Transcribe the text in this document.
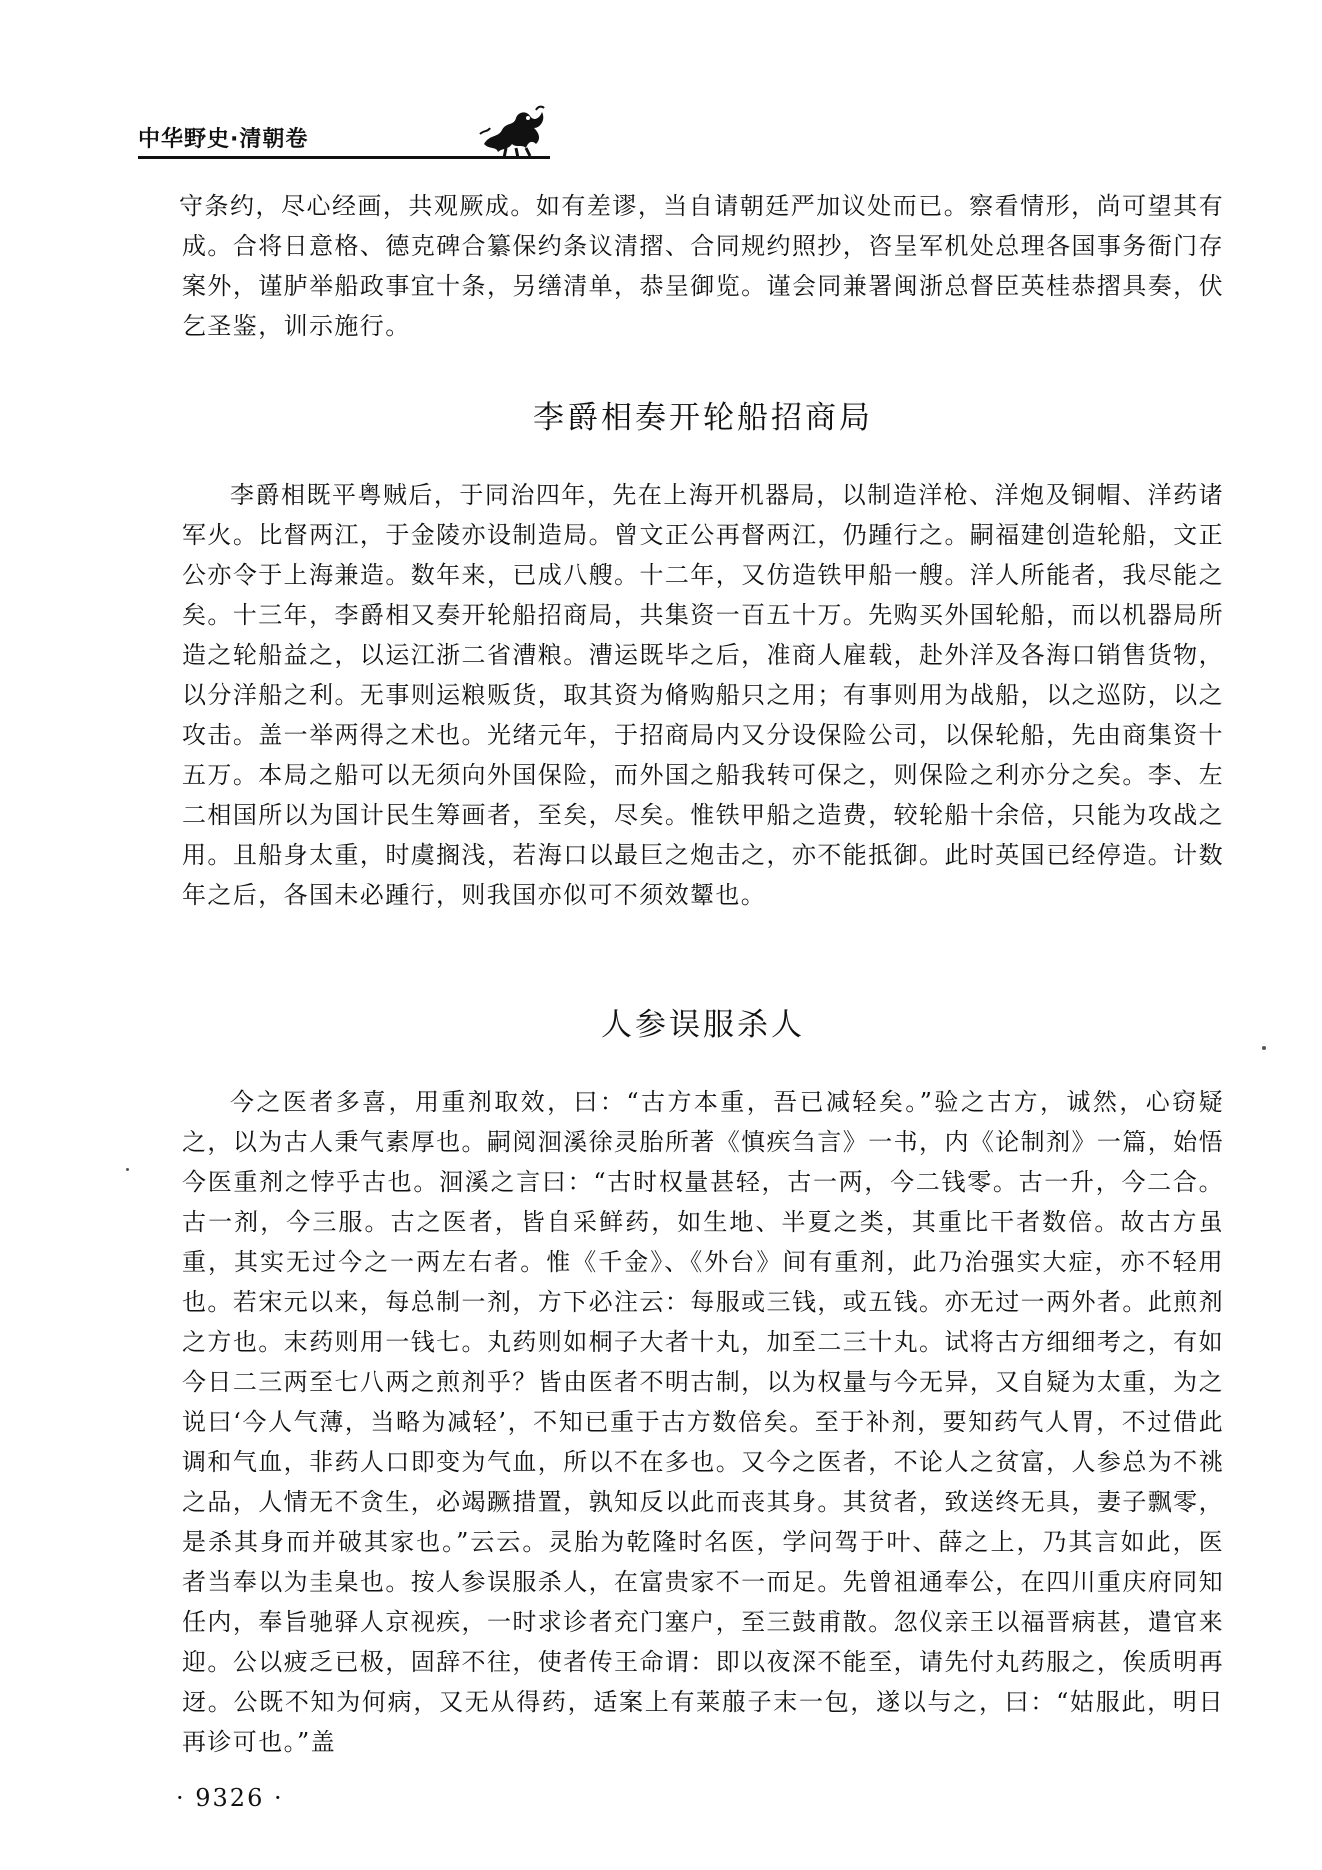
中华野史·清朝卷

守条约，尽心经画，共观厥成。如有差谬，当自请朝廷严加议处而已。察看情形，尚可望其有成。合将日意格、德克碑合纂保约条议清摺、合同规约照抄，咨呈军机处总理各国事务衙门存案外，谨胪举船政事宜十条，另缮清单，恭呈御览。谨会同兼署闽浙总督臣英桂恭摺具奏，伏乞圣鉴，训示施行。

李爵相奏开轮船招商局

李爵相既平粤贼后，于同治四年，先在上海开机器局，以制造洋枪、洋炮及铜帽、洋药诸军火。比督两江，于金陵亦设制造局。曾文正公再督两江，仍踵行之。嗣福建创造轮船，文正公亦令于上海兼造。数年来，已成八艘。十二年，又仿造铁甲船一艘。洋人所能者，我尽能之矣。十三年，李爵相又奏开轮船招商局，共集资一百五十万。先购买外国轮船，而以机器局所造之轮船益之，以运江浙二省漕粮。漕运既毕之后，准商人雇载，赴外洋及各海口销售货物，以分洋船之利。无事则运粮贩货，取其资为脩购船只之用；有事则用为战船，以之巡防，以之攻击。盖一举两得之术也。光绪元年，于招商局内又分设保险公司，以保轮船，先由商集资十五万。本局之船可以无须向外国保险，而外国之船我转可保之，则保险之利亦分之矣。李、左二相国所以为国计民生筹画者，至矣，尽矣。惟铁甲船之造费，较轮船十余倍，只能为攻战之用。且船身太重，时虞搁浅，若海口以最巨之炮击之，亦不能抵御。此时英国已经停造。计数年之后，各国未必踵行，则我国亦似可不须效颦也。

人参误服杀人

今之医者多喜，用重剂取效，曰：“古方本重，吾已减轻矣。”验之古方，诚然，心窃疑之，以为古人秉气素厚也。嗣阅洄溪徐灵胎所著《慎疾刍言》一书，内《论制剂》一篇，始悟今医重剂之悖乎古也。洄溪之言曰：“古时权量甚轻，古一两，今二钱零。古一升，今二合。古一剂，今三服。古之医者，皆自采鲜药，如生地、半夏之类，其重比干者数倍。故古方虽重，其实无过今之一两左右者。惟《千金》、《外台》间有重剂，此乃治强实大症，亦不轻用也。若宋元以来，每总制一剂，方下必注云：每服或三钱，或五钱。亦无过一两外者。此煎剂之方也。末药则用一钱七。丸药则如桐子大者十丸，加至二三十丸。试将古方细细考之，有如今日二三两至七八两之煎剂乎？皆由医者不明古制，以为权量与今无异，又自疑为太重，为之说曰‘今人气薄，当略为减轻’，不知已重于古方数倍矣。至于补剂，要知药气人胃，不过借此调和气血，非药人口即变为气血，所以不在多也。又今之医者，不论人之贫富，人参总为不祧之品，人情无不贪生，必竭蹶措置，孰知反以此而丧其身。其贫者，致送终无具，妻子飘零，是杀其身而并破其家也。”云云。灵胎为乾隆时名医，学问驾于叶、薛之上，乃其言如此，医者当奉以为圭臬也。按人参误服杀人，在富贵家不一而足。先曾祖通奉公，在四川重庆府同知任内，奉旨驰驿人京视疾，一时求诊者充门塞户，至三鼓甫散。忽仪亲王以福晋病甚，遣官来迎。公以疲乏已极，固辞不往，使者传王命谓：即以夜深不能至，请先付丸药服之，俟质明再迓。公既不知为何病，又无从得药，适案上有莱菔子末一包，遂以与之，曰：“姑服此，明日再诊可也。”盖

· 9326 ·
